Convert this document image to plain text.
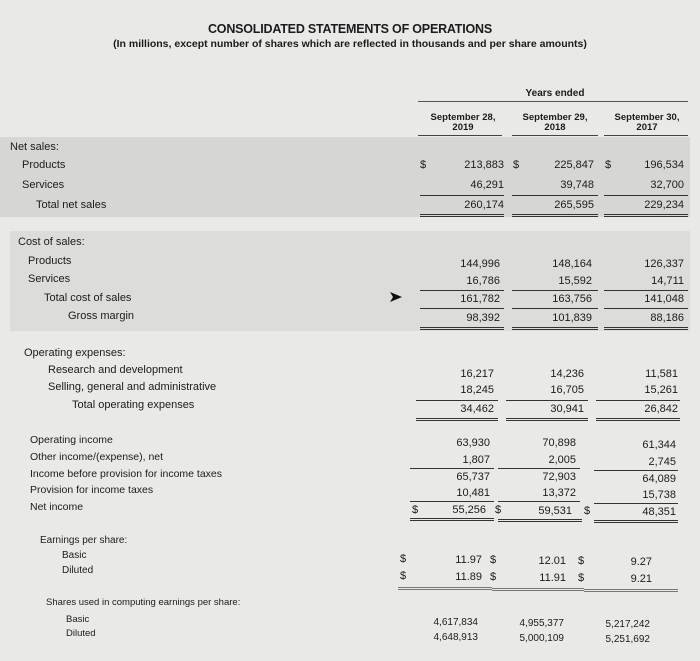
CONSOLIDATED STATEMENTS OF OPERATIONS
(In millions, except number of shares which are reflected in thousands and per share amounts)
Years ended
September 28,
2019
September 29,
2018
September 30,
2017
Net sales:
Products	$	213,883 $	225,847 $	196,534
Services	46,291	39,748	32,700
Total net sales	260,174	265,595	229,234
Cost of sales:
Products	144,996	148,164	126,337
Services	16,786	15,592	14,711
Total cost of sales	161,782	163,756	141,048
Gross margin	98,392	101,839	88,186
Operating expenses:
Research and development	16,217	14,236	11,581
Selling, general and administrative	18,245	16,705	15,261
Total operating expenses	34,462	30,941	26,842
Operating income	63,930	70,898	61,344
Other income/(expense), net	1,807	2,005	2,745
Income before provision for income taxes	65,737	72,903	64,089
Provision for income taxes	10,481	13,372	15,738
Net income	$	55,256 $	59,531 $	48,351
Earnings per share:
Basic	$	11.97 $	12.01 $	9.27
Diluted	$	11.89 $	11.91 $	9.21
Shares used in computing earnings per share:
Basic	4,617,834	4,955,377	5,217,242
Diluted	4,648,913	5,000,109	5,251,692
